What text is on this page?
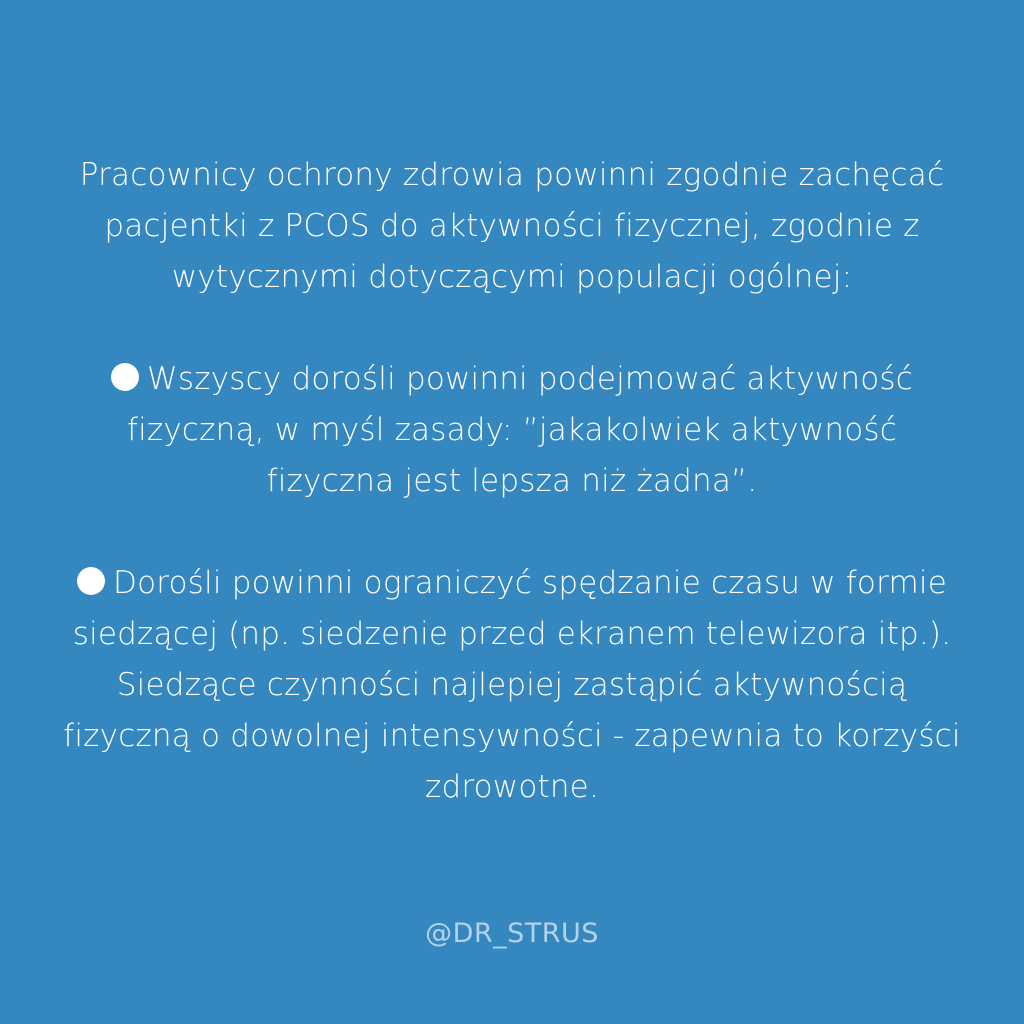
Pracownicy ochrony zdrowia powinni zgodnie zachęcać pacjentki z PCOS do aktywności fizycznej, zgodnie z wytycznymi dotyczącymi populacji ogólnej:

Wszyscy dorośli powinni podejmować aktywność fizyczną, w myśl zasady: ”jakakolwiek aktywność fizyczna jest lepsza niż żadna”.

Dorośli powinni ograniczyć spędzanie czasu w formie siedzącej (np. siedzenie przed ekranem telewizora itp.). Siedzące czynności najlepiej zastąpić aktywnością fizyczną o dowolnej intensywności - zapewnia to korzyści zdrowotne.

@DR_STRUS
